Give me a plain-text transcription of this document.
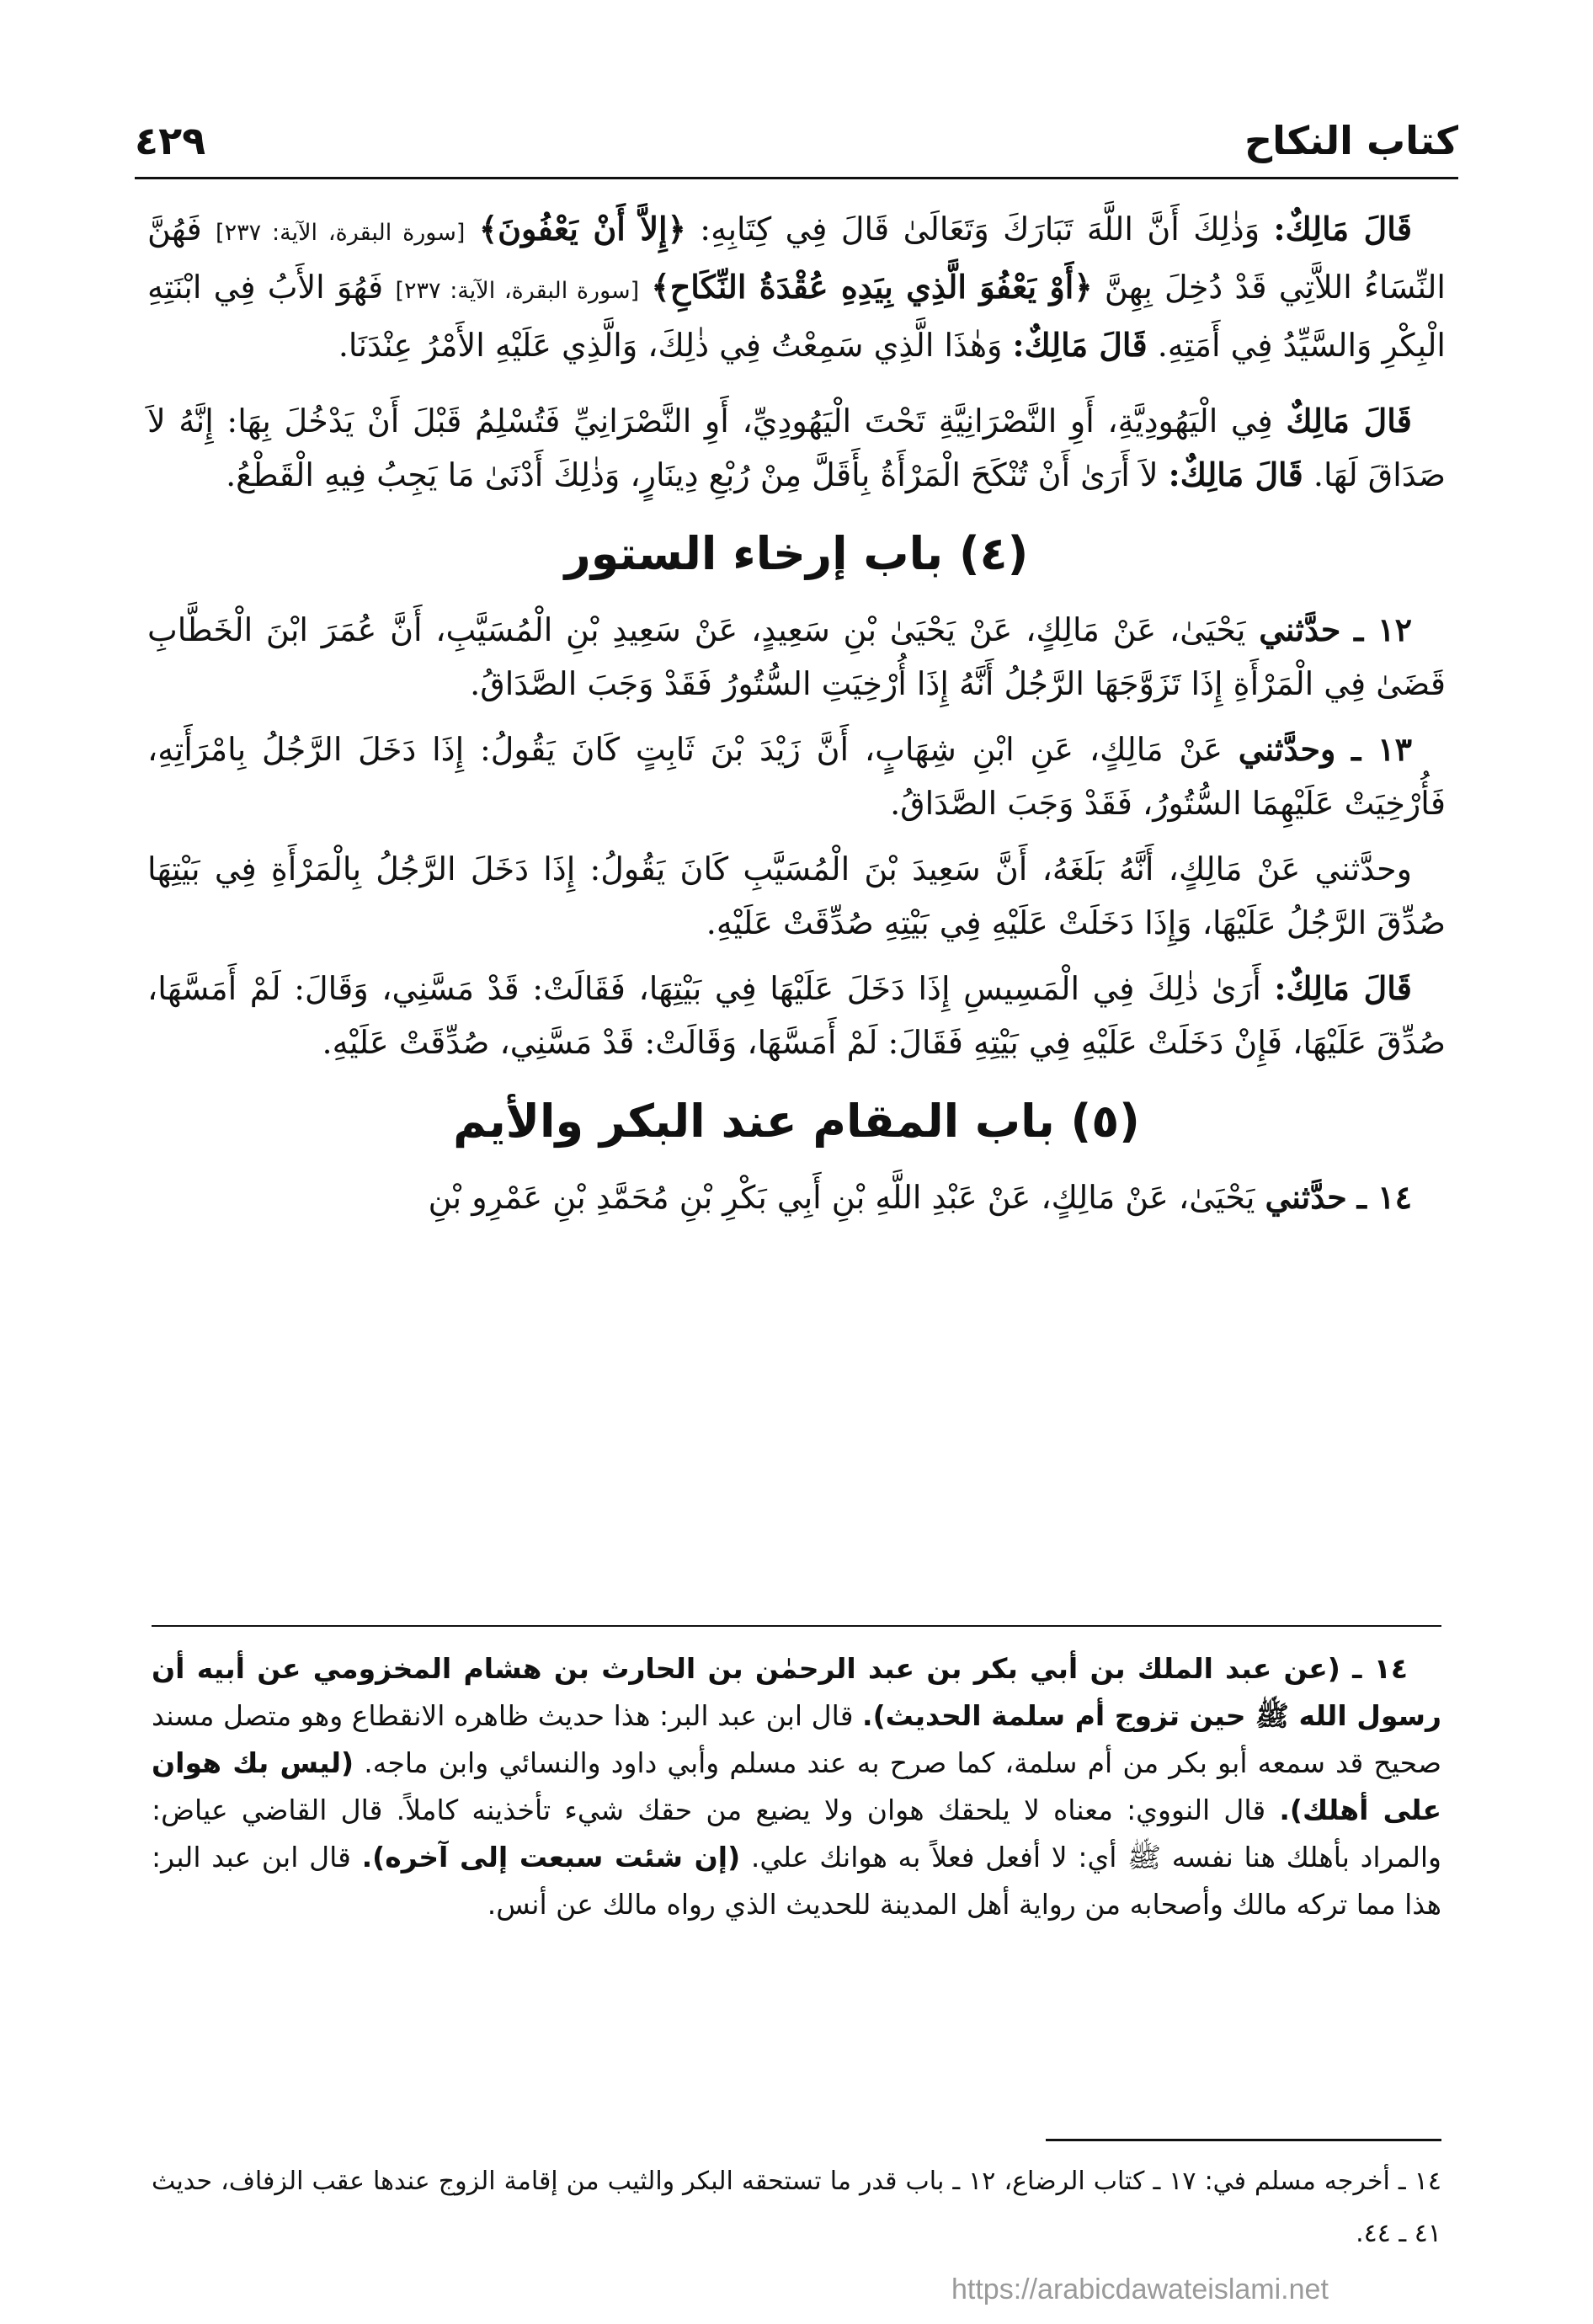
كتاب النكاح
٤٢٩

قَالَ مَالِكٌ: وَذٰلِكَ أَنَّ اللَّهَ تَبَارَكَ وَتَعَالَىٰ قَالَ فِي كِتَابِهِ: ﴿إِلاَّ أَنْ يَعْفُونَ﴾ [سورة البقرة، الآية: ٢٣٧] فَهُنَّ النِّسَاءُ اللاَّتِي قَدْ دُخِلَ بِهِنَّ ﴿أَوْ يَعْفُوَ الَّذِي بِيَدِهِ عُقْدَةُ النِّكَاحِ﴾ [سورة البقرة، الآية: ٢٣٧] فَهُوَ الأَبُ فِي ابْنَتِهِ الْبِكْرِ وَالسَّيِّدُ فِي أَمَتِهِ. قَالَ مَالِكٌ: وَهٰذَا الَّذِي سَمِعْتُ فِي ذٰلِكَ، وَالَّذِي عَلَيْهِ الأَمْرُ عِنْدَنَا.

قَالَ مَالِكٌ فِي الْيَهُودِيَّةِ، أَوِ النَّصْرَانِيَّةِ تَحْتَ الْيَهُودِيِّ، أَوِ النَّصْرَانِيِّ فَتُسْلِمُ قَبْلَ أَنْ يَدْخُلَ بِهَا: إِنَّهُ لاَ صَدَاقَ لَهَا. قَالَ مَالِكٌ: لاَ أَرَىٰ أَنْ تُنْكَحَ الْمَرْأَةُ بِأَقَلَّ مِنْ رُبْعِ دِينَارٍ، وَذٰلِكَ أَدْنَىٰ مَا يَجِبُ فِيهِ الْقَطْعُ.

(٤) باب إرخاء الستور

١٢ ـ حدَّثني يَحْيَىٰ، عَنْ مَالِكٍ، عَنْ يَحْيَىٰ بْنِ سَعِيدٍ، عَنْ سَعِيدِ بْنِ الْمُسَيَّبِ، أَنَّ عُمَرَ ابْنَ الْخَطَّابِ قَضَىٰ فِي الْمَرْأَةِ إِذَا تَزَوَّجَهَا الرَّجُلُ أَنَّهُ إِذَا أُرْخِيَتِ السُّتُورُ فَقَدْ وَجَبَ الصَّدَاقُ.

١٣ ـ وحدَّثني عَنْ مَالِكٍ، عَنِ ابْنِ شِهَابٍ، أَنَّ زَيْدَ بْنَ ثَابِتٍ كَانَ يَقُولُ: إِذَا دَخَلَ الرَّجُلُ بِامْرَأَتِهِ، فَأُرْخِيَتْ عَلَيْهِمَا السُّتُورُ، فَقَدْ وَجَبَ الصَّدَاقُ.

وحدَّثني عَنْ مَالِكٍ، أَنَّهُ بَلَغَهُ، أَنَّ سَعِيدَ بْنَ الْمُسَيَّبِ كَانَ يَقُولُ: إِذَا دَخَلَ الرَّجُلُ بِالْمَرْأَةِ فِي بَيْتِهَا صُدِّقَ الرَّجُلُ عَلَيْهَا، وَإِذَا دَخَلَتْ عَلَيْهِ فِي بَيْتِهِ صُدِّقَتْ عَلَيْهِ.

قَالَ مَالِكٌ: أَرَىٰ ذٰلِكَ فِي الْمَسِيسِ إِذَا دَخَلَ عَلَيْهَا فِي بَيْتِهَا، فَقَالَتْ: قَدْ مَسَّنِي، وَقَالَ: لَمْ أَمَسَّهَا، صُدِّقَ عَلَيْهَا، فَإِنْ دَخَلَتْ عَلَيْهِ فِي بَيْتِهِ فَقَالَ: لَمْ أَمَسَّهَا، وَقَالَتْ: قَدْ مَسَّنِي، صُدِّقَتْ عَلَيْهِ.

(٥) باب المقام عند البكر والأيم

١٤ ـ حدَّثني يَحْيَىٰ، عَنْ مَالِكٍ، عَنْ عَبْدِ اللَّهِ بْنِ أَبِي بَكْرِ بْنِ مُحَمَّدِ بْنِ عَمْرِو بْنِ

١٤ ـ (عن عبد الملك بن أبي بكر بن عبد الرحمٰن بن الحارث بن هشام المخزومي عن أبيه أن رسول الله ﷺ حين تزوج أم سلمة الحديث). قال ابن عبد البر: هذا حديث ظاهره الانقطاع وهو متصل مسند صحيح قد سمعه أبو بكر من أم سلمة، كما صرح به عند مسلم وأبي داود والنسائي وابن ماجه. (ليس بك هوان على أهلك). قال النووي: معناه لا يلحقك هوان ولا يضيع من حقك شيء تأخذينه كاملاً. قال القاضي عياض: والمراد بأهلك هنا نفسه ﷺ أي: لا أفعل فعلاً به هوانك علي. (إن شئت سبعت إلى آخره). قال ابن عبد البر: هذا مما تركه مالك وأصحابه من رواية أهل المدينة للحديث الذي رواه مالك عن أنس.

١٤ ـ أخرجه مسلم في: ١٧ ـ كتاب الرضاع، ١٢ ـ باب قدر ما تستحقه البكر والثيب من إقامة الزوج عندها عقب الزفاف، حديث ٤١ ـ ٤٤.

https://arabicdawateislami.net
